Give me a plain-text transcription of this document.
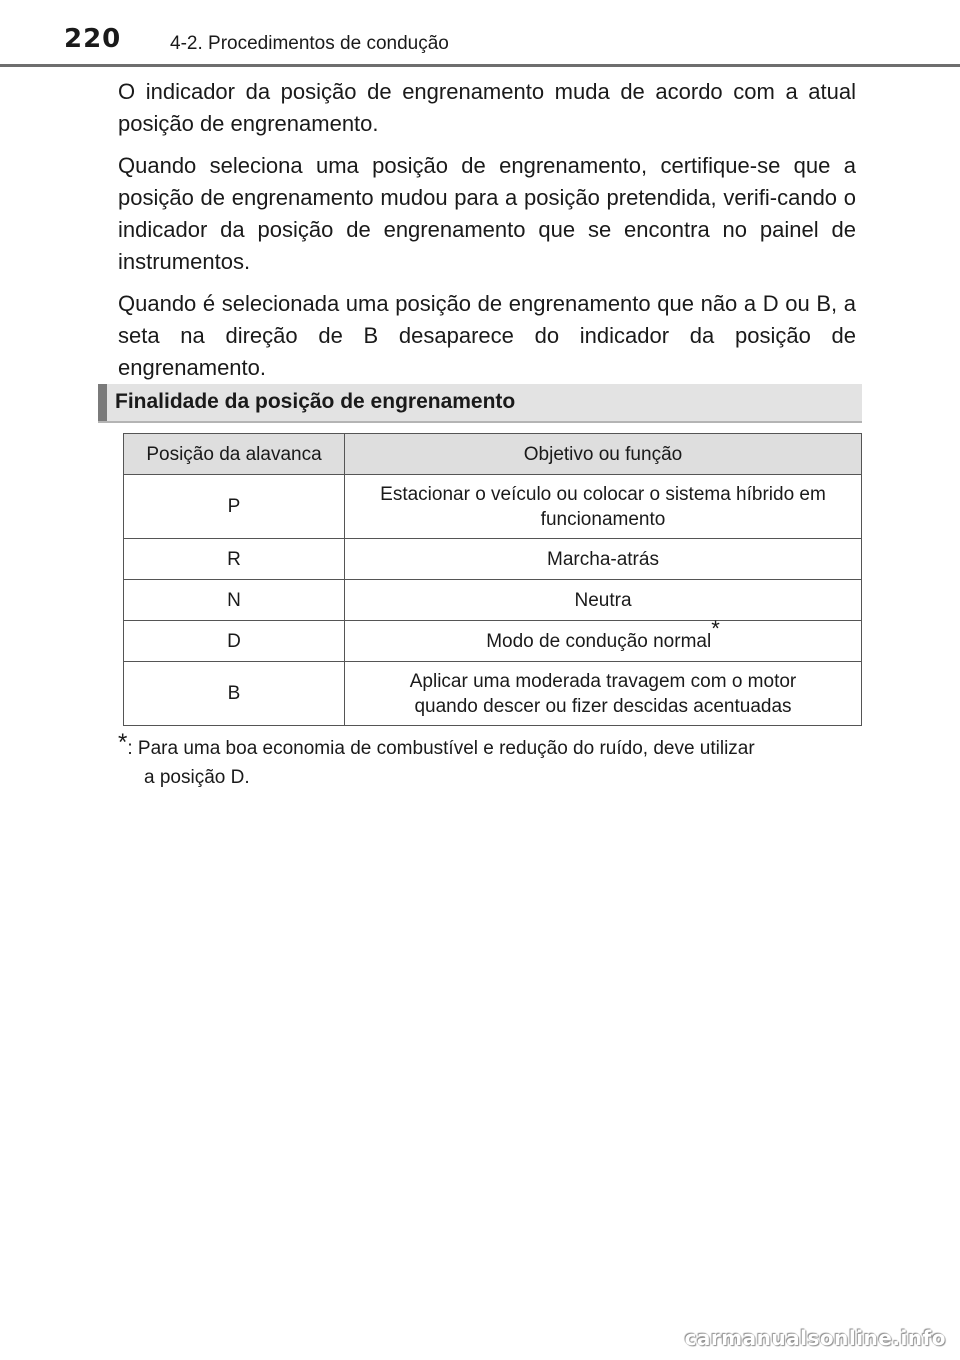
220	4-2. Procedimentos de condução

O indicador da posição de engrenamento muda de acordo com a atual posição de engrenamento.

Quando seleciona uma posição de engrenamento, certifique-se que a posição de engrenamento mudou para a posição pretendida, verifi-cando o indicador da posição de engrenamento que se encontra no painel de instrumentos.

Quando é selecionada uma posição de engrenamento que não a D ou B, a seta na direção de B desaparece do indicador da posição de engrenamento.

Finalidade da posição de engrenamento
Posição da alavanca	Objetivo ou função
P	Estacionar o veículo ou colocar o sistema híbrido em
funcionamento
R	Marcha-atrás
N	Neutra
D	Modo de condução normal*
B	Aplicar uma moderada travagem com o motor
quando descer ou fizer descidas acentuadas
*: Para uma boa economia de combustível e redução do ruído, deve utilizar
a posição D.
carmanualsonline.info
